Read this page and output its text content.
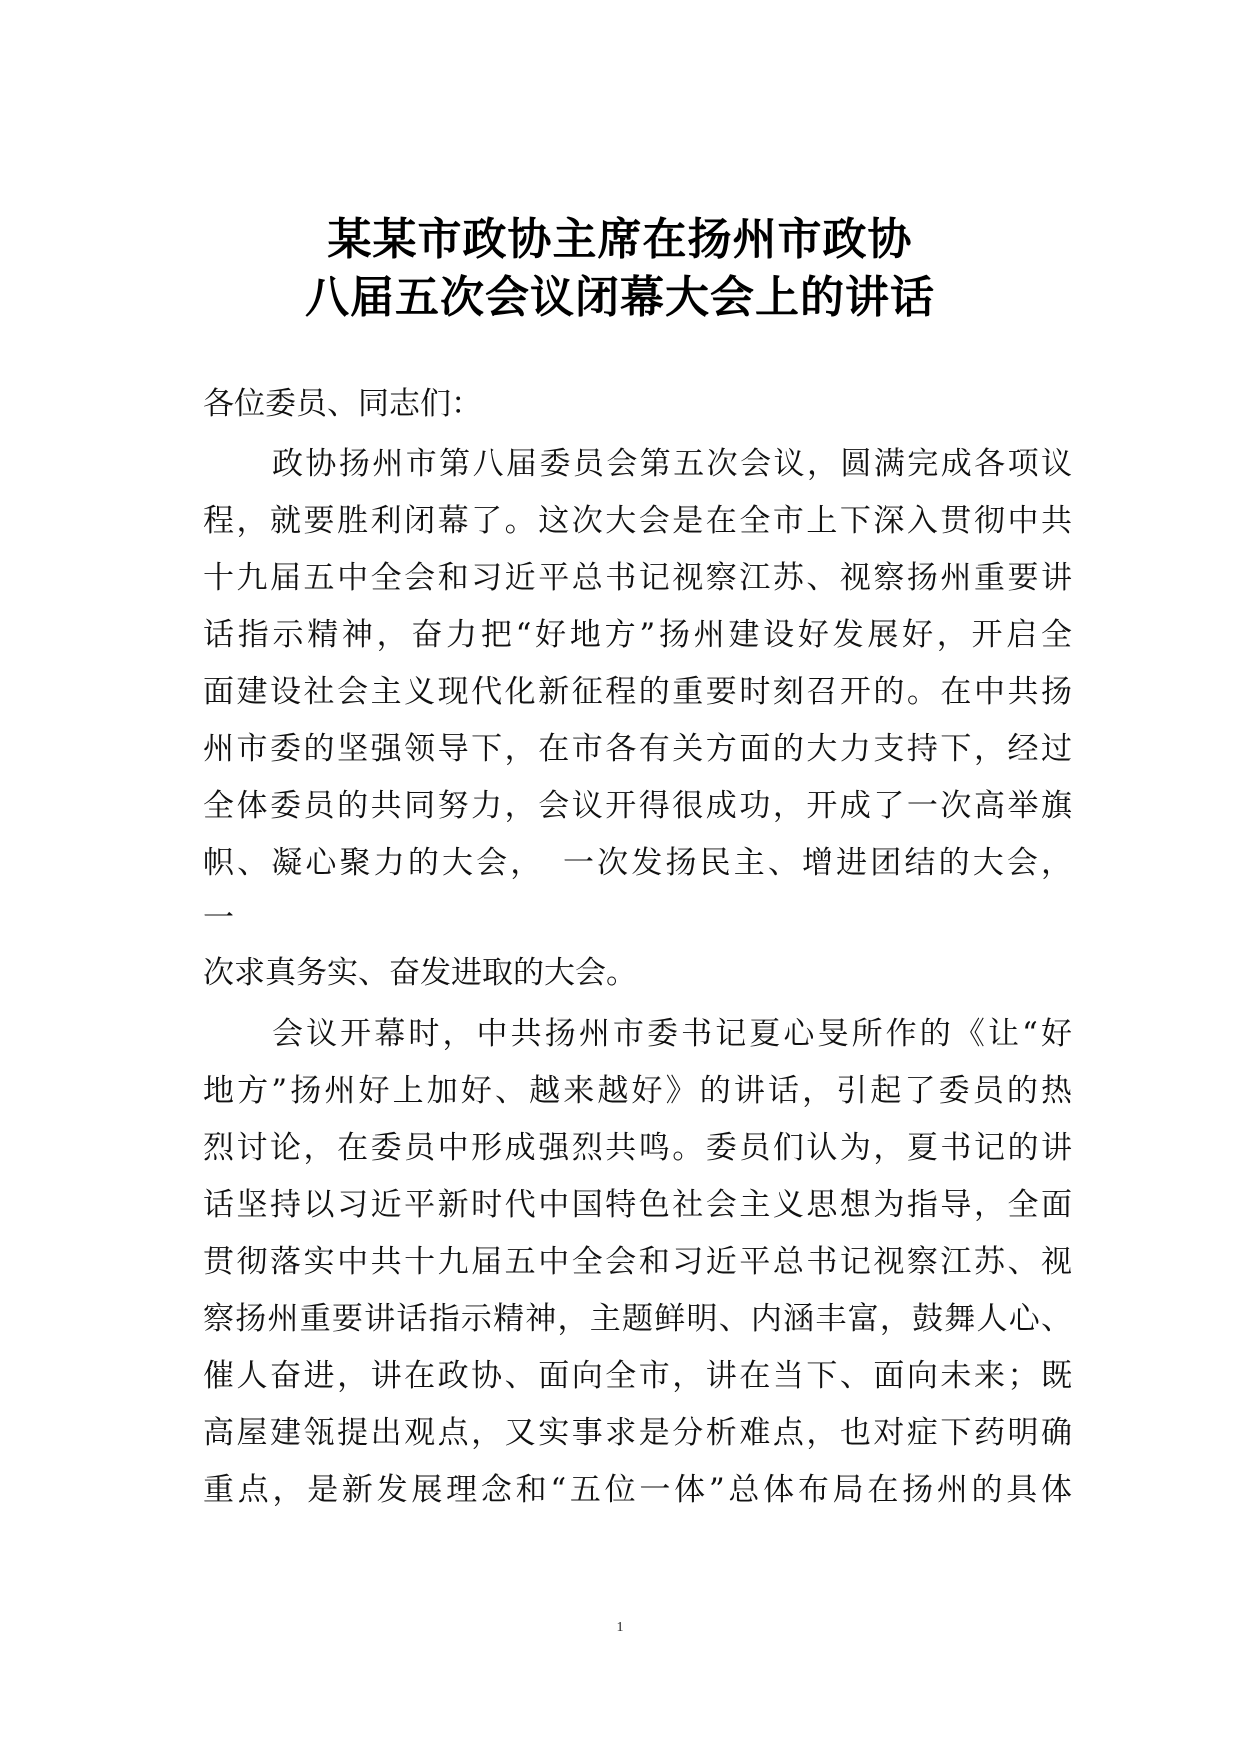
某某市政协主席在扬州市政协
八届五次会议闭幕大会上的讲话
各位委员、同志们：
政协扬州市第八届委员会第五次会议，圆满完成各项议
程，就要胜利闭幕了。这次大会是在全市上下深入贯彻中共
十九届五中全会和习近平总书记视察江苏、视察扬州重要讲
话指示精神，奋力把“好地方”扬州建设好发展好，开启全
面建设社会主义现代化新征程的重要时刻召开的。在中共扬
州市委的坚强领导下，在市各有关方面的大力支持下，经过
全体委员的共同努力，会议开得很成功，开成了一次高举旗
帜、凝心聚力的大会，　一次发扬民主、增进团结的大会，
一
次求真务实、奋发进取的大会。
会议开幕时，中共扬州市委书记夏心旻所作的《让“好
地方”扬州好上加好、越来越好》的讲话，引起了委员的热
烈讨论，在委员中形成强烈共鸣。委员们认为，夏书记的讲
话坚持以习近平新时代中国特色社会主义思想为指导，全面
贯彻落实中共十九届五中全会和习近平总书记视察江苏、视
察扬州重要讲话指示精神，主题鲜明、内涵丰富，鼓舞人心、
催人奋进，讲在政协、面向全市，讲在当下、面向未来；既
高屋建瓴提出观点，又实事求是分析难点，也对症下药明确
重点，是新发展理念和“五位一体”总体布局在扬州的具体
1
